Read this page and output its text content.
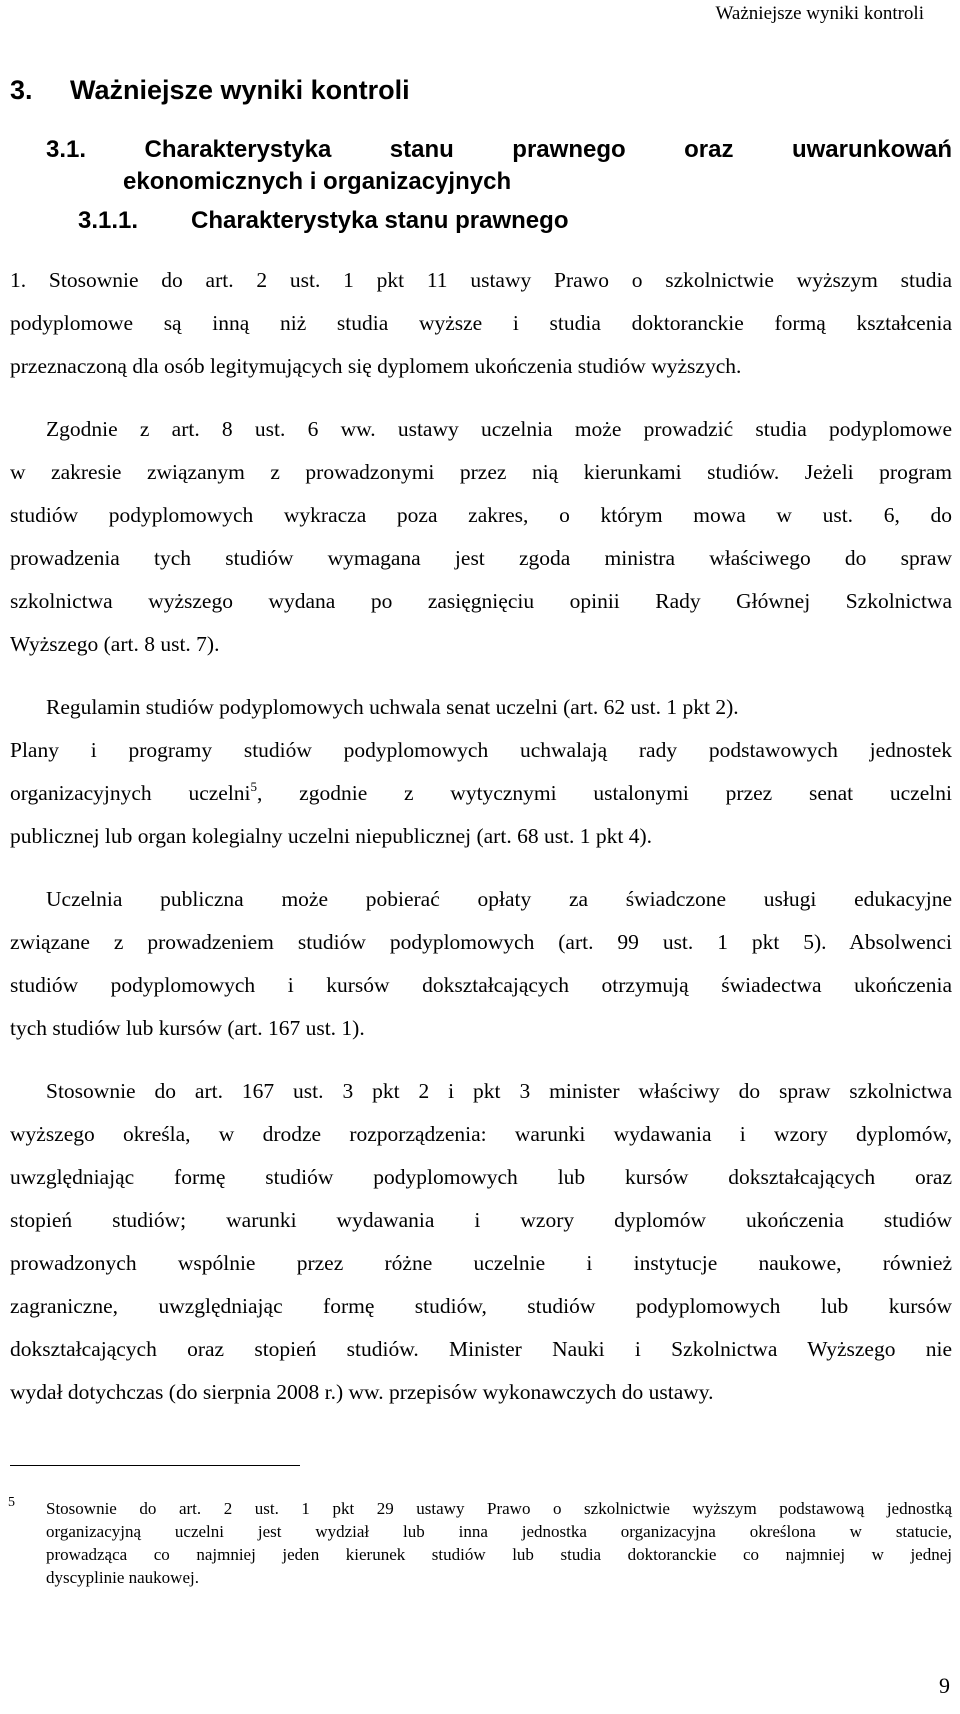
Ważniejsze wyniki kontroli
3. Ważniejsze wyniki kontroli
3.1. Charakterystyka stanu prawnego oraz uwarunkowań
ekonomicznych i organizacyjnych
3.1.1. Charakterystyka stanu prawnego
1. Stosownie do art. 2 ust. 1 pkt 11 ustawy Prawo o szkolnictwie wyższym studia
podyplomowe są inną niż studia wyższe i studia doktoranckie formą kształcenia
przeznaczoną dla osób legitymujących się dyplomem ukończenia studiów wyższych.
Zgodnie z art. 8 ust. 6 ww. ustawy uczelnia może prowadzić studia podyplomowe
w zakresie związanym z prowadzonymi przez nią kierunkami studiów. Jeżeli program
studiów podyplomowych wykracza poza zakres, o którym mowa w ust. 6, do
prowadzenia tych studiów wymagana jest zgoda ministra właściwego do spraw
szkolnictwa wyższego wydana po zasięgnięciu opinii Rady Głównej Szkolnictwa
Wyższego (art. 8 ust. 7).
Regulamin studiów podyplomowych uchwala senat uczelni (art. 62 ust. 1 pkt 2).
Plany i programy studiów podyplomowych uchwalają rady podstawowych jednostek
organizacyjnych uczelni$^5$, zgodnie z wytycznymi ustalonymi przez senat uczelni
publicznej lub organ kolegialny uczelni niepublicznej (art. 68 ust. 1 pkt 4).
Uczelnia publiczna może pobierać opłaty za świadczone usługi edukacyjne
związane z prowadzeniem studiów podyplomowych (art. 99 ust. 1 pkt 5). Absolwenci
studiów podyplomowych i kursów dokształcających otrzymują świadectwa ukończenia
tych studiów lub kursów (art. 167 ust. 1).
Stosownie do art. 167 ust. 3 pkt 2 i pkt 3 minister właściwy do spraw szkolnictwa
wyższego określa, w drodze rozporządzenia: warunki wydawania i wzory dyplomów,
uwzględniając formę studiów podyplomowych lub kursów dokształcających oraz
stopień studiów; warunki wydawania i wzory dyplomów ukończenia studiów
prowadzonych wspólnie przez różne uczelnie i instytucje naukowe, również
zagraniczne, uwzględniając formę studiów, studiów podyplomowych lub kursów
dokształcających oraz stopień studiów. Minister Nauki i Szkolnictwa Wyższego nie
wydał dotychczas (do sierpnia 2008 r.) ww. przepisów wykonawczych do ustawy.
5 Stosownie do art. 2 ust. 1 pkt 29 ustawy Prawo o szkolnictwie wyższym podstawową jednostką
organizacyjną uczelni jest wydział lub inna jednostka organizacyjna określona w statucie,
prowadząca co najmniej jeden kierunek studiów lub studia doktoranckie co najmniej w jednej
dyscyplinie naukowej.
9
